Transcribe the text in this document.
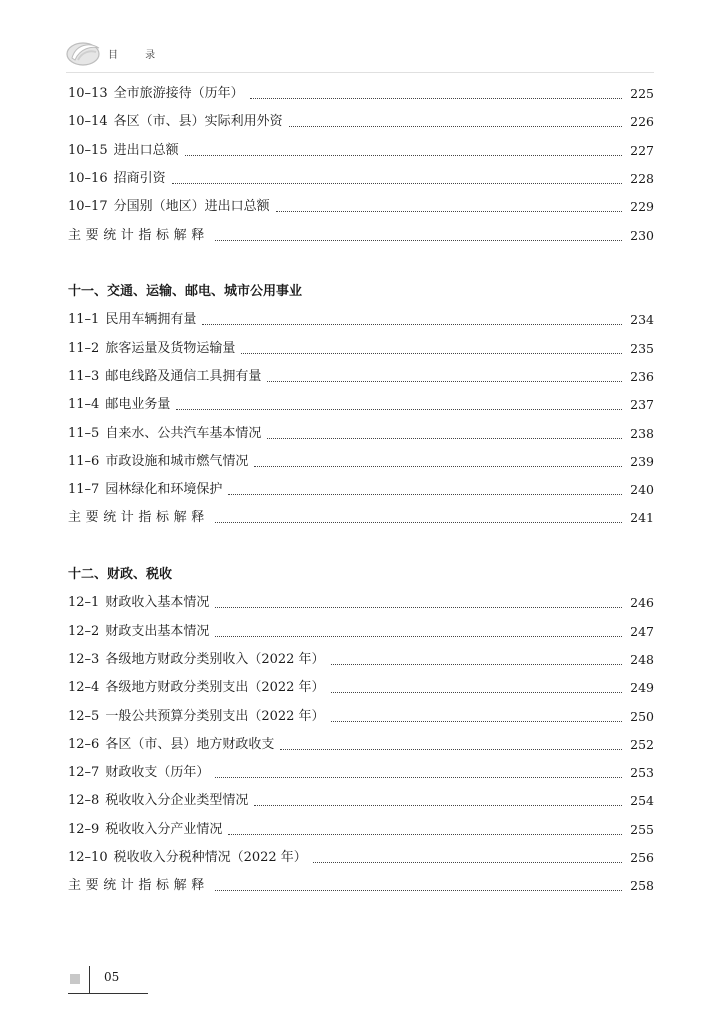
目 录
10–13 全市旅游接待（历年）	225
10–14 各区（市、县）实际利用外资	226
10–15 进出口总额	227
10–16 招商引资	228
10–17 分国别（地区）进出口总额	229
主要统计指标解释	230
十一、交通、运输、邮电、城市公用事业
11–1 民用车辆拥有量	234
11–2 旅客运量及货物运输量	235
11–3 邮电线路及通信工具拥有量	236
11–4 邮电业务量	237
11–5 自来水、公共汽车基本情况	238
11–6 市政设施和城市燃气情况	239
11–7 园林绿化和环境保护	240
主要统计指标解释	241
十二、财政、税收
12–1 财政收入基本情况	246
12–2 财政支出基本情况	247
12–3 各级地方财政分类别收入（2022 年）	248
12–4 各级地方财政分类别支出（2022 年）	249
12–5 一般公共预算分类别支出（2022 年）	250
12–6 各区（市、县）地方财政收支	252
12–7 财政收支（历年）	253
12–8 税收收入分企业类型情况	254
12–9 税收收入分产业情况	255
12–10 税收收入分税种情况（2022 年）	256
主要统计指标解释	258
05
